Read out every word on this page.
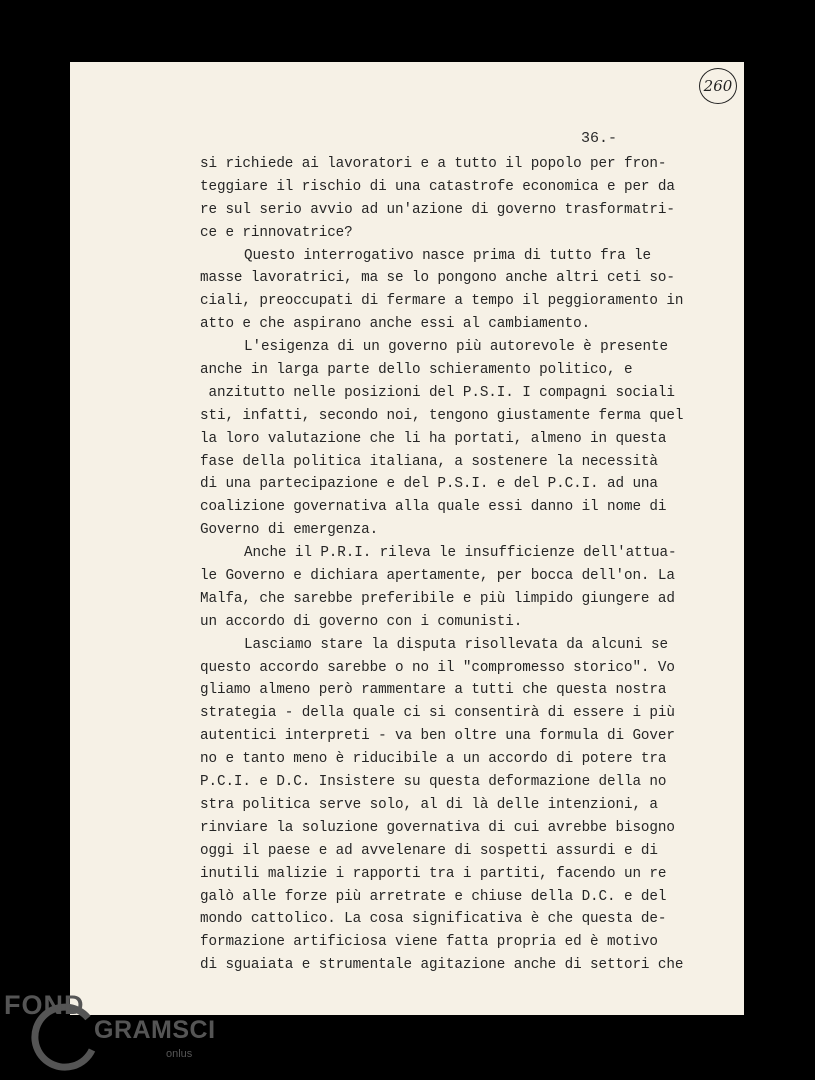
260
36.-
si richiede ai lavoratori e a tutto il popolo per fron-
teggiare il rischio di una catastrofe economica e per da
re sul serio avvio ad un'azione di governo trasformatri-
ce e rinnovatrice?
Questo interrogativo nasce prima di tutto fra le
masse lavoratrici, ma se lo pongono anche altri ceti so-
ciali, preoccupati di fermare a tempo il peggioramento in
atto e che aspirano anche essi al cambiamento.
L'esigenza di un governo più autorevole è presente
anche in larga parte dello schieramento politico, e
anzitutto nelle posizioni del P.S.I. I compagni sociali
sti, infatti, secondo noi, tengono giustamente ferma quel
la loro valutazione che li ha portati, almeno in questa
fase della politica italiana, a sostenere la necessità
di una partecipazione e del P.S.I. e del P.C.I. ad una
coalizione governativa alla quale essi danno il nome di
Governo di emergenza.
Anche il P.R.I. rileva le insufficienze dell'attua-
le Governo e dichiara apertamente, per bocca dell'on. La
Malfa, che sarebbe preferibile e più limpido giungere ad
un accordo di governo con i comunisti.
Lasciamo stare la disputa risollevata da alcuni se
questo accordo sarebbe o no il "compromesso storico". Vo
gliamo almeno però rammentare a tutti che questa nostra
strategia - della quale ci si consentirà di essere i più
autentici interpreti - va ben oltre una formula di Gover
no e tanto meno è riducibile a un accordo di potere tra
P.C.I. e D.C. Insistere su questa deformazione della no
stra politica serve solo, al di là delle intenzioni, a
rinviare la soluzione governativa di cui avrebbe bisogno
oggi il paese e ad avvelenare di sospetti assurdi e di
inutili malizie i rapporti tra i partiti, facendo un re
galò alle forze più arretrate e chiuse della D.C. e del
mondo cattolico. La cosa significativa è che questa de-
formazione artificiosa viene fatta propria ed è motivo
di sguaiata e strumentale agitazione anche di settori che
FOND
GRAMSCI
onlus
